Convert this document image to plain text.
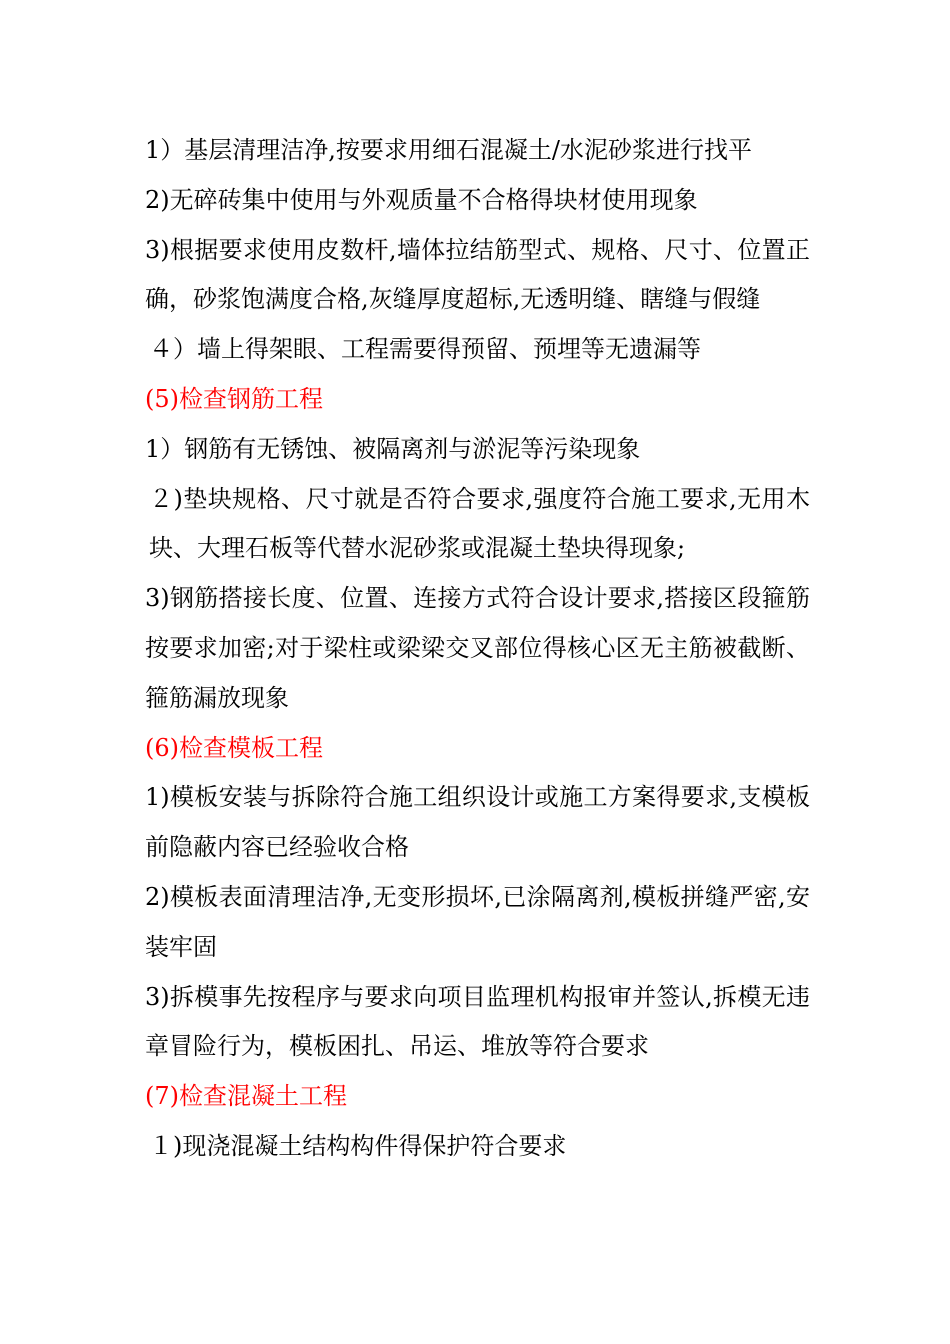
1）基层清理洁净,按要求用细石混凝土/水泥砂浆进行找平

2)无碎砖集中使用与外观质量不合格得块材使用现象

3)根据要求使用皮数杆,墙体拉结筋型式、规格、尺寸、位置正确，砂浆饱满度合格,灰缝厚度超标,无透明缝、瞎缝与假缝

４）墙上得架眼、工程需要得预留、预埋等无遗漏等

(5)检查钢筋工程

1）钢筋有无锈蚀、被隔离剂与淤泥等污染现象

２)垫块规格、尺寸就是否符合要求,强度符合施工要求,无用木块、大理石板等代替水泥砂浆或混凝土垫块得现象;

3)钢筋搭接长度、位置、连接方式符合设计要求,搭接区段箍筋按要求加密;对于梁柱或梁梁交叉部位得核心区无主筋被截断、箍筋漏放现象

(6)检查模板工程

1)模板安装与拆除符合施工组织设计或施工方案得要求,支模板前隐蔽内容已经验收合格

2)模板表面清理洁净,无变形损坏,已涂隔离剂,模板拼缝严密,安装牢固

3)拆模事先按程序与要求向项目监理机构报审并签认,拆模无违章冒险行为，模板困扎、吊运、堆放等符合要求

(7)检查混凝土工程

１)现浇混凝土结构构件得保护符合要求
